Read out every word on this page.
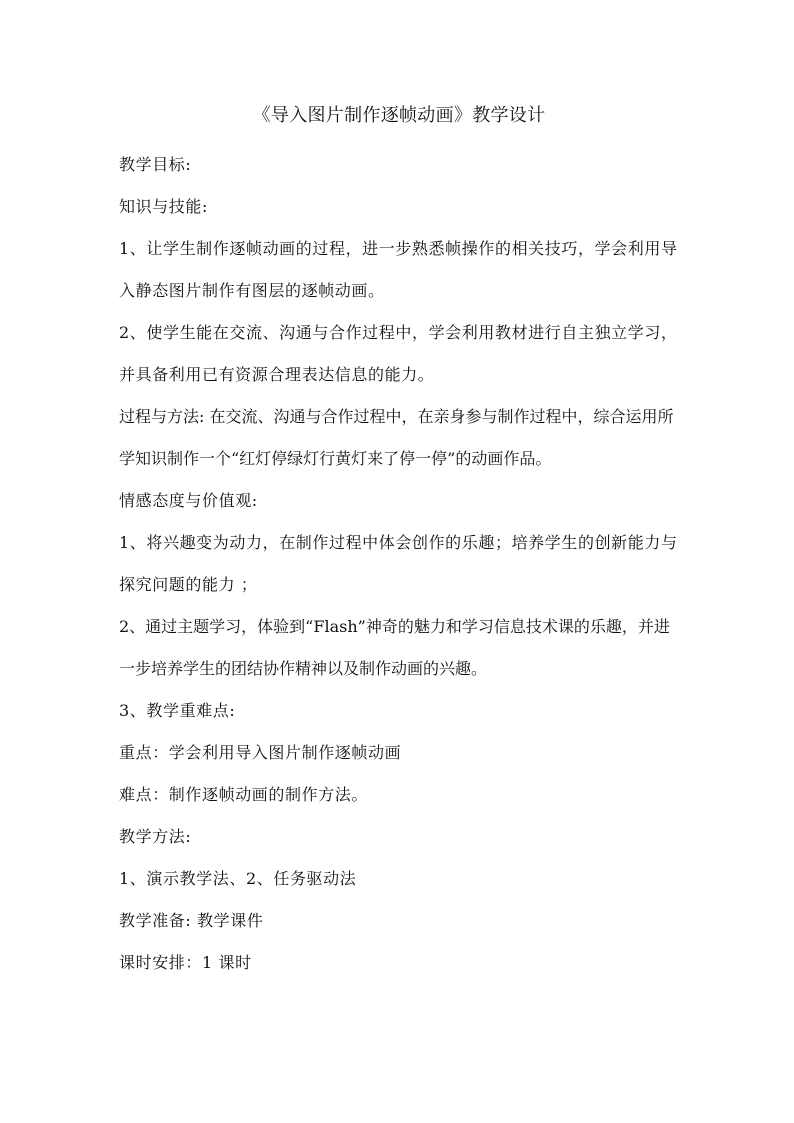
《导入图片制作逐帧动画》教学设计

教学目标:

知识与技能:

1、让学生制作逐帧动画的过程，进一步熟悉帧操作的相关技巧，学会利用导入静态图片制作有图层的逐帧动画。

2、使学生能在交流、沟通与合作过程中，学会利用教材进行自主独立学习，并具备利用已有资源合理表达信息的能力。

过程与方法: 在交流、沟通与合作过程中，在亲身参与制作过程中，综合运用所学知识制作一个“红灯停绿灯行黄灯来了停一停”的动画作品。

情感态度与价值观:

1、将兴趣变为动力，在制作过程中体会创作的乐趣；培养学生的创新能力与探究问题的能力 ；

2、通过主题学习，体验到“Flash”神奇的魅力和学习信息技术课的乐趣，并进一步培养学生的团结协作精神以及制作动画的兴趣。

3、教学重难点:

重点：学会利用导入图片制作逐帧动画

难点：制作逐帧动画的制作方法。

教学方法:

1、演示教学法、2、任务驱动法

教学准备: 教学课件

课时安排：1 课时
